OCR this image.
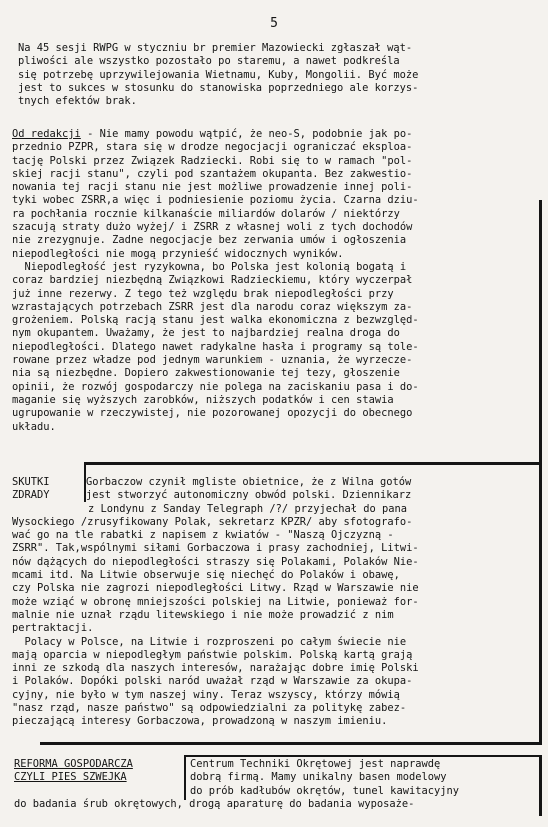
5
Na 45 sesji RWPG w styczniu br premier Mazowiecki zgłaszał wąt-
pliwości ale wszystko pozostało po staremu, a nawet podkreśla
się potrzebę uprzywilejowania Wietnamu, Kuby, Mongolii. Być może
jest to sukces w stosunku do stanowiska poprzedniego ale korzys-
tnych efektów brak.
Od redakcji - Nie mamy powodu wątpić, że neo-S, podobnie jak po-
przednio PZPR, stara się w drodze negocjacji ograniczać eksploa-
tację Polski przez Związek Radziecki. Robi się to w ramach "pol-
skiej racji stanu", czyli pod szantażem okupanta. Bez zakwestio-
nowania tej racji stanu nie jest możliwe prowadzenie innej poli-
tyki wobec ZSRR,a więc i podniesienie poziomu życia. Czarna dziu-
ra pochłania rocznie kilkanaście miliardów dolarów / niektórzy
szacują straty dużo wyżej/ i ZSRR z własnej woli z tych dochodów
nie zrezygnuje. Żadne negocjacje bez zerwania umów i ogłoszenia
niepodległości nie mogą przynieść widocznych wyników.
Niepodległość jest ryzykowna, bo Polska jest kolonią bogatą i
coraz bardziej niezbędną Związkowi Radzieckiemu, który wyczerpał
już inne rezerwy. Z tego też względu brak niepodległości przy
wzrastających potrzebach ZSRR jest dla narodu coraz większym za-
grożeniem. Polską racją stanu jest walka ekonomiczna z bezwzględ-
nym okupantem. Uważamy, że jest to najbardziej realna droga do
niepodległości. Dlatego nawet radykalne hasła i programy są tole-
rowane przez władze pod jednym warunkiem - uznania, że wyrzecze-
nia są niezbędne. Dopiero zakwestionowanie tej tezy, głoszenie
opinii, że rozwój gospodarczy nie polega na zaciskaniu pasa i do-
maganie się wyższych zarobków, niższych podatków i cen stawia
ugrupowanie w rzeczywistej, nie pozorowanej opozycji do obecnego
układu.
SKUTKI	Gorbaczow czynił mgliste obietnice, że z Wilna gotów
ZDRADY	jest stworzyć autonomiczny obwód polski. Dziennikarz
z Londynu z Sanday Telegraph /?/ przyjechał do pana
Wysockiego /zrusyfikowany Polak, sekretarz KPZR/ aby sfotografo-
wać go na tle rabatki z napisem z kwiatów - "Naszą Ojczyzną -
ZSRR". Tak,wspólnymi siłami Gorbaczowa i prasy zachodniej, Litwi-
nów dążących do niepodległości straszy się Polakami, Polaków Nie-
mcami itd. Na Litwie obserwuje się niechęć do Polaków i obawę,
czy Polska nie zagrozi niepodległości Litwy. Rząd w Warszawie nie
może wziąć w obronę mniejszości polskiej na Litwie, ponieważ for-
malnie nie uznał rządu litewskiego i nie może prowadzić z nim
pertraktacji.
Polacy w Polsce, na Litwie i rozproszeni po całym świecie nie
mają oparcia w niepodległym państwie polskim. Polską kartą grają
inni ze szkodą dla naszych interesów, narażając dobre imię Polski
i Polaków. Dopóki polski naród uważał rząd w Warszawie za okupa-
cyjny, nie było w tym naszej winy. Teraz wszyscy, którzy mówią
"nasz rząd, nasze państwo" są odpowiedzialni za politykę zabez-
pieczającą interesy Gorbaczowa, prowadzoną w naszym imieniu.
REFORMA GOSPODARCZA	Centrum Techniki Okrętowej jest naprawdę
CZYLI PIES SZWEJKA	dobrą firmą. Mamy unikalny basen modelowy
do prób kadłubów okrętów, tunel kawitacyjny
do badania śrub okrętowych, drogą aparaturę do badania wyposaże-
